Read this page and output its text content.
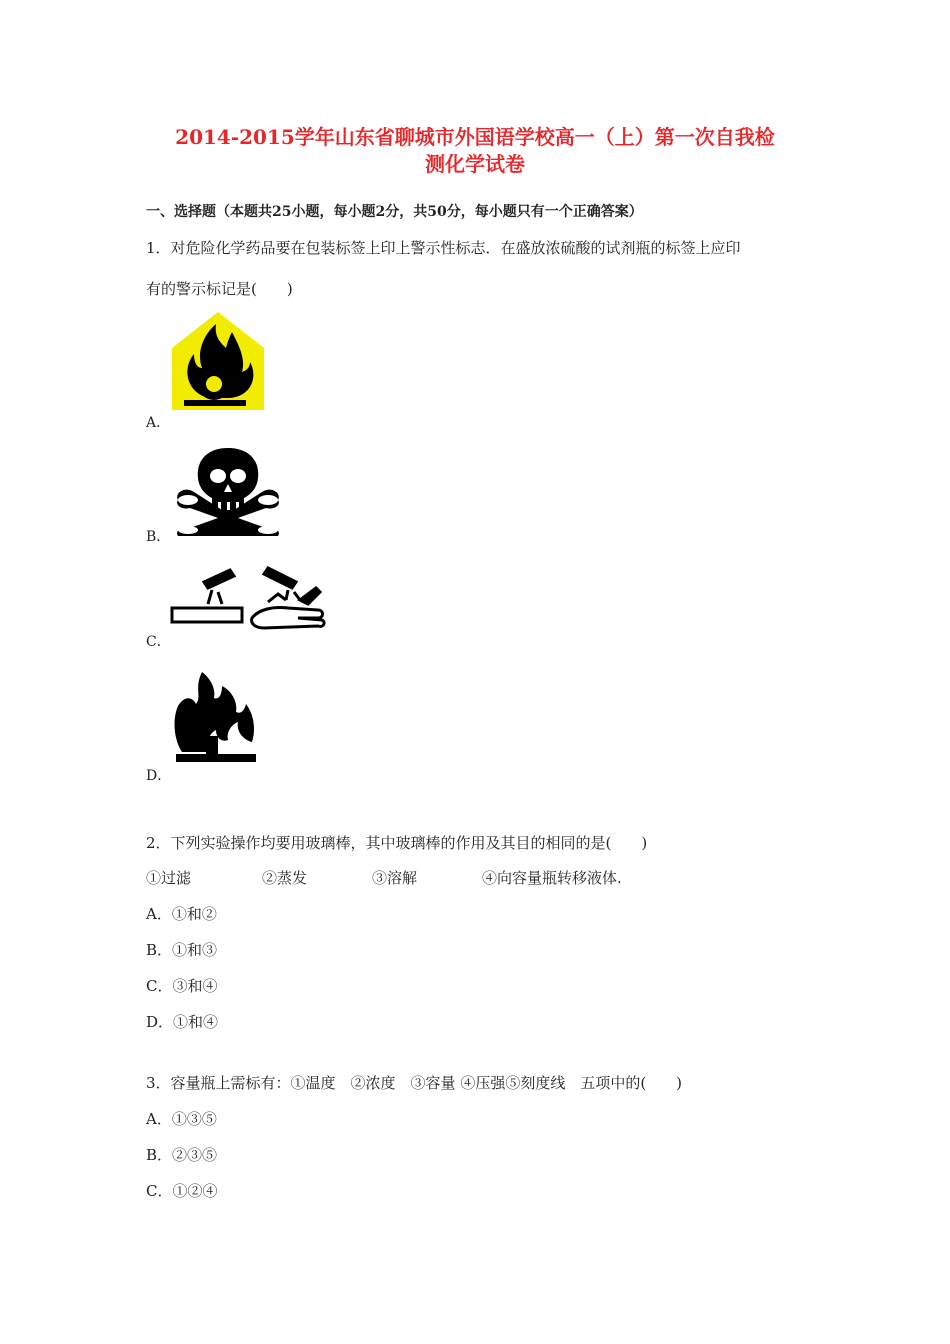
2014-2015学年山东省聊城市外国语学校高一（上）第一次自我检
测化学试卷
一、选择题（本题共25小题，每小题2分，共50分，每小题只有一个正确答案）
1．对危险化学药品要在包装标签上印上警示性标志．在盛放浓硫酸的试剂瓶的标签上应印
有的警示标记是(　　)
A．
B．
C．
D．
2．下列实验操作均要用玻璃棒，其中玻璃棒的作用及其目的相同的是(　　)
①过滤	②蒸发	③溶解	④向容量瓶转移液体.
A．①和②
B．①和③
C．③和④
D．①和④
3．容量瓶上需标有：①温度　②浓度　③容量 ④压强⑤刻度线　五项中的(　　)
A．①③⑤
B．②③⑤
C．①②④
